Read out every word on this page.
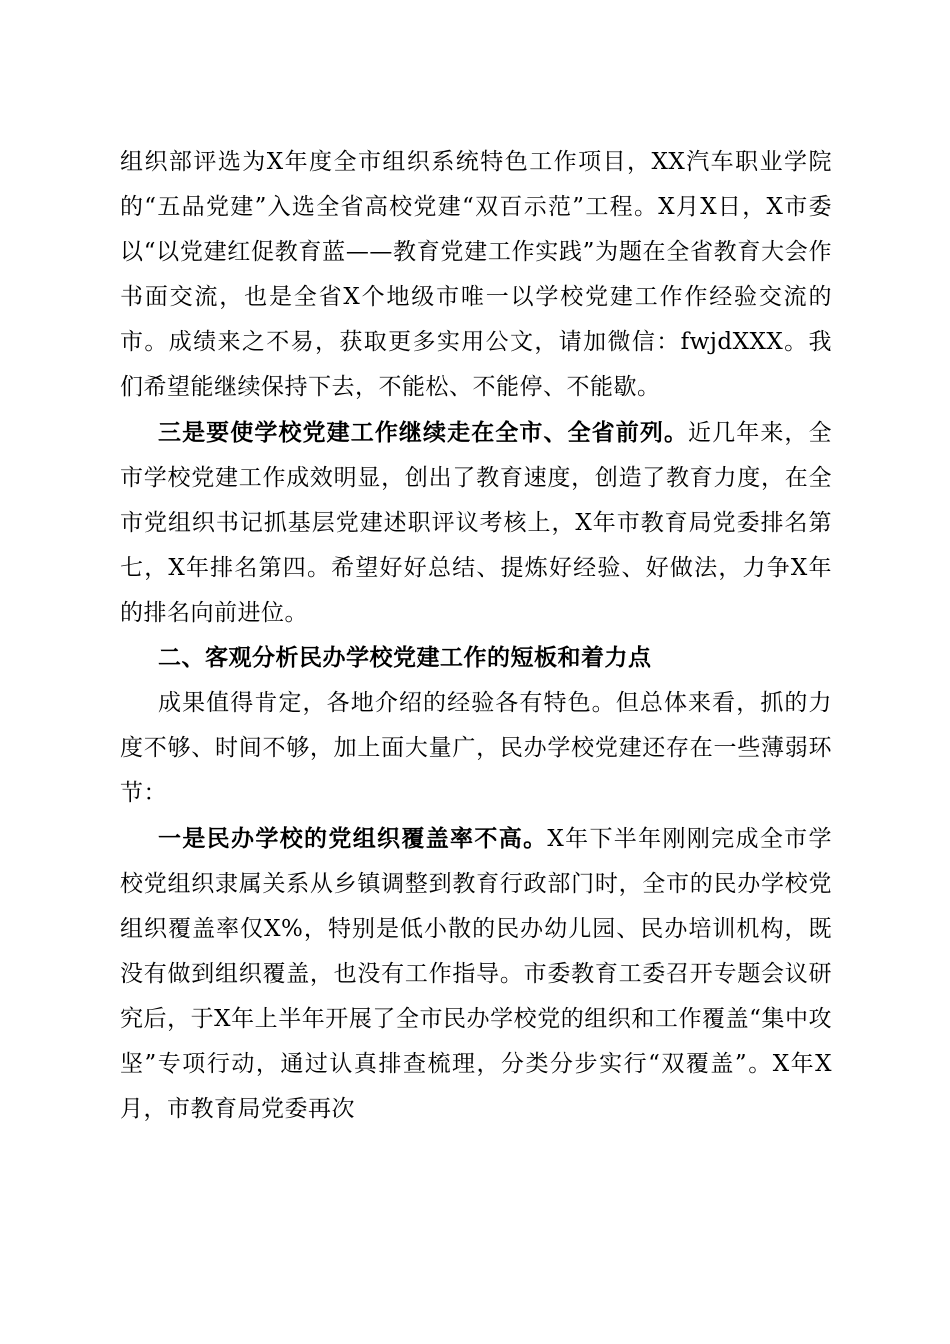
组织部评选为X年度全市组织系统特色工作项目，XX汽车职业学院的“五品党建”入选全省高校党建“双百示范”工程。X月X日，X市委以“以党建红促教育蓝——教育党建工作实践”为题在全省教育大会作书面交流，也是全省X个地级市唯一以学校党建工作作经验交流的市。成绩来之不易，获取更多实用公文，请加微信：fwjdXXX。我们希望能继续保持下去，不能松、不能停、不能歇。

三是要使学校党建工作继续走在全市、全省前列。近几年来，全市学校党建工作成效明显，创出了教育速度，创造了教育力度，在全市党组织书记抓基层党建述职评议考核上，X年市教育局党委排名第七，X年排名第四。希望好好总结、提炼好经验、好做法，力争X年的排名向前进位。

二、客观分析民办学校党建工作的短板和着力点

成果值得肯定，各地介绍的经验各有特色。但总体来看，抓的力度不够、时间不够，加上面大量广，民办学校党建还存在一些薄弱环节：

一是民办学校的党组织覆盖率不高。X年下半年刚刚完成全市学校党组织隶属关系从乡镇调整到教育行政部门时，全市的民办学校党组织覆盖率仅X%，特别是低小散的民办幼儿园、民办培训机构，既没有做到组织覆盖，也没有工作指导。市委教育工委召开专题会议研究后，于X年上半年开展了全市民办学校党的组织和工作覆盖“集中攻坚”专项行动，通过认真排查梳理，分类分步实行“双覆盖”。X年X月，市教育局党委再次
